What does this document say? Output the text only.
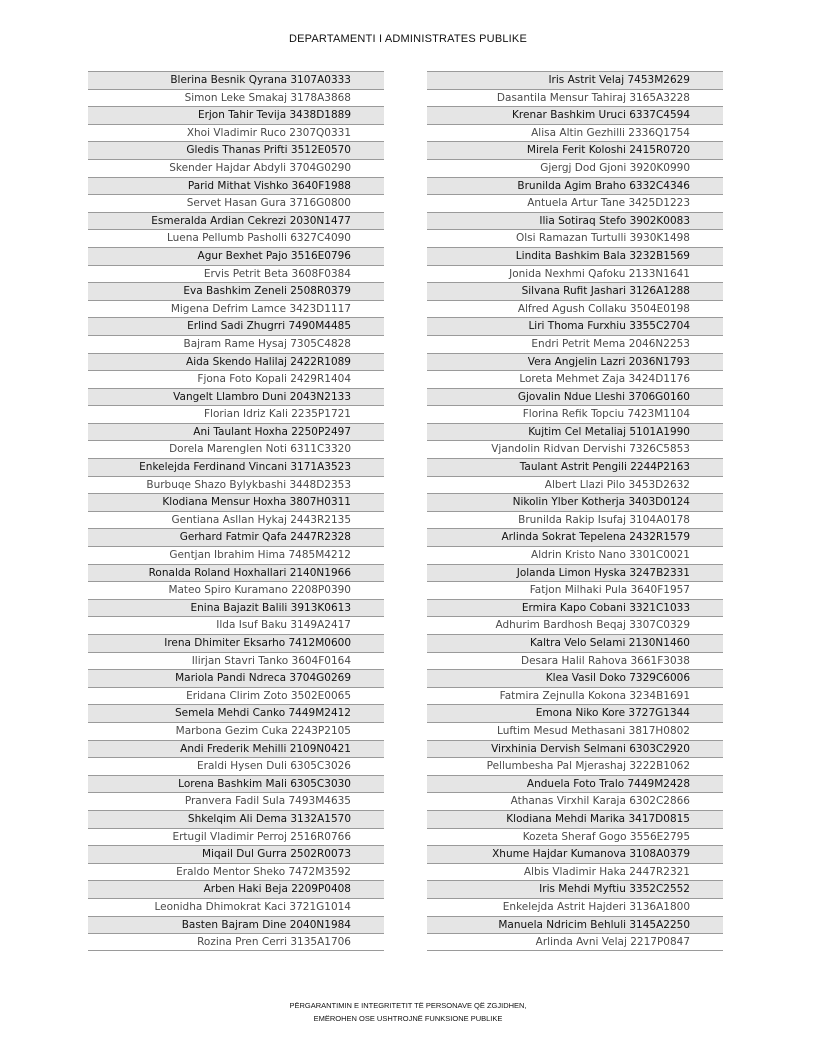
DEPARTAMENTI I ADMINISTRATES PUBLIKE
Blerina Besnik Qyrana 3107A0333
Simon Leke Smakaj 3178A3868
Erjon Tahir Tevija 3438D1889
Xhoi Vladimir Ruco 2307Q0331
Gledis Thanas Prifti 3512E0570
Skender Hajdar Abdyli 3704G0290
Parid Mithat Vishko 3640F1988
Servet Hasan Gura 3716G0800
Esmeralda Ardian Cekrezi 2030N1477
Luena Pellumb Pasholli 6327C4090
Agur Bexhet Pajo 3516E0796
Ervis Petrit Beta 3608F0384
Eva Bashkim Zeneli 2508R0379
Migena Defrim Lamce 3423D1117
Erlind Sadi Zhugrri 7490M4485
Bajram Rame Hysaj 7305C4828
Aida Skendo Halilaj 2422R1089
Fjona Foto Kopali 2429R1404
Vangelt Llambro Duni 2043N2133
Florian Idriz Kali 2235P1721
Ani Taulant Hoxha 2250P2497
Dorela Marenglen Noti 6311C3320
Enkelejda Ferdinand Vincani 3171A3523
Burbuqe Shazo Bylykbashi 3448D2353
Klodiana Mensur Hoxha 3807H0311
Gentiana Asllan Hykaj 2443R2135
Gerhard Fatmir Qafa 2447R2328
Gentjan Ibrahim Hima 7485M4212
Ronalda Roland Hoxhallari 2140N1966
Mateo Spiro Kuramano 2208P0390
Enina Bajazit Balili 3913K0613
Ilda Isuf Baku 3149A2417
Irena Dhimiter Eksarho 7412M0600
Ilirjan Stavri Tanko 3604F0164
Mariola Pandi Ndreca 3704G0269
Eridana Clirim Zoto 3502E0065
Semela Mehdi Canko 7449M2412
Marbona Gezim Cuka 2243P2105
Andi Frederik Mehilli 2109N0421
Eraldi Hysen Duli 6305C3026
Lorena Bashkim Mali 6305C3030
Pranvera Fadil Sula 7493M4635
Shkelqim Ali Dema 3132A1570
Ertugil Vladimir Perroj 2516R0766
Miqail Dul Gurra 2502R0073
Eraldo Mentor Sheko 7472M3592
Arben Haki Beja 2209P0408
Leonidha Dhimokrat Kaci 3721G1014
Basten Bajram Dine 2040N1984
Rozina Pren Cerri 3135A1706
Iris Astrit Velaj 7453M2629
Dasantila Mensur Tahiraj 3165A3228
Krenar Bashkim Uruci 6337C4594
Alisa Altin Gezhilli 2336Q1754
Mirela Ferit Koloshi 2415R0720
Gjergj Dod Gjoni 3920K0990
Brunilda Agim Braho 6332C4346
Antuela Artur Tane 3425D1223
Ilia Sotiraq Stefo 3902K0083
Olsi Ramazan Turtulli 3930K1498
Lindita Bashkim Bala 3232B1569
Jonida Nexhmi Qafoku 2133N1641
Silvana Rufit Jashari 3126A1288
Alfred Agush Collaku 3504E0198
Liri Thoma Furxhiu 3355C2704
Endri Petrit Mema 2046N2253
Vera Angjelin Lazri 2036N1793
Loreta Mehmet Zaja 3424D1176
Gjovalin Ndue Lleshi 3706G0160
Florina Refik Topciu 7423M1104
Kujtim Cel Metaliaj 5101A1990
Vjandolin Ridvan Dervishi 7326C5853
Taulant Astrit Pengili 2244P2163
Albert Llazi Pilo 3453D2632
Nikolin Ylber Kotherja 3403D0124
Brunilda Rakip Isufaj 3104A0178
Arlinda Sokrat Tepelena 2432R1579
Aldrin Kristo Nano 3301C0021
Jolanda Limon Hyska 3247B2331
Fatjon Milhaki Pula 3640F1957
Ermira Kapo Cobani 3321C1033
Adhurim Bardhosh Beqaj 3307C0329
Kaltra Velo Selami 2130N1460
Desara Halil Rahova 3661F3038
Klea Vasil Doko 7329C6006
Fatmira Zejnulla Kokona 3234B1691
Emona Niko Kore 3727G1344
Luftim Mesud Methasani 3817H0802
Virxhinia Dervish Selmani 6303C2920
Pellumbesha Pal Mjerashaj 3222B1062
Anduela Foto Tralo 7449M2428
Athanas Virxhil Karaja 6302C2866
Klodiana Mehdi Marika 3417D0815
Kozeta Sheraf Gogo 3556E2795
Xhume Hajdar Kumanova 3108A0379
Albis Vladimir Haka 2447R2321
Iris Mehdi Myftiu 3352C2552
Enkelejda Astrit Hajderi 3136A1800
Manuela Ndricim Behluli 3145A2250
Arlinda Avni Velaj 2217P0847
PËRGARANTIMIN E INTEGRITETIT TË PERSONAVE QË ZGJIDHEN,
EMËROHEN OSE USHTROJNË FUNKSIONE PUBLIKE
